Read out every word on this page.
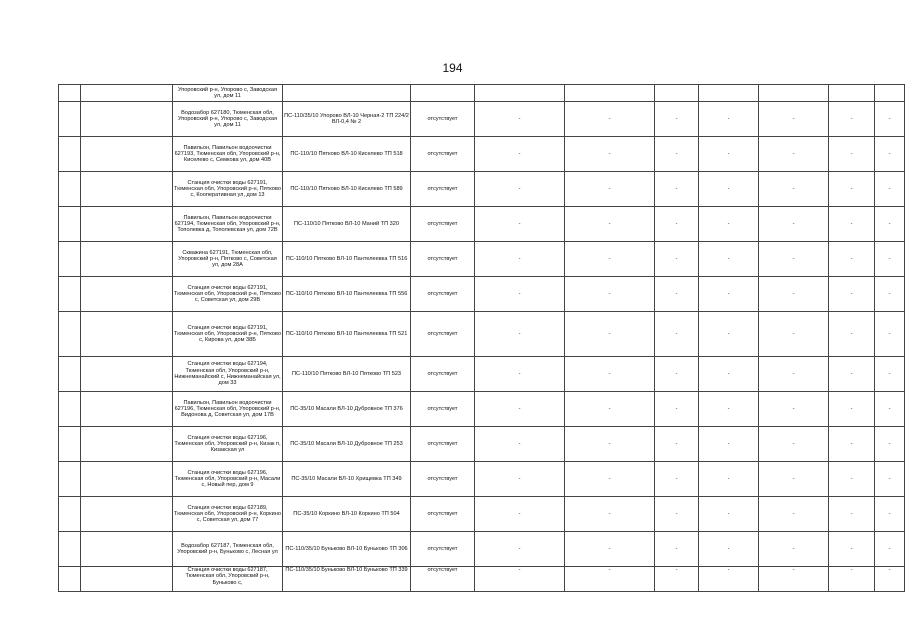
194
		Упоровский р-н, Упорово с, Заводская ул, дом 11									
		Водозабор 627180, Тюменская обл, Упоровский р-н, Упорово с, Заводская ул, дом 11	ПС-110/35/10 Упорово ВЛ-10 Черная-2 ТП 224/2 ВЛ-0,4 № 2	отсутствует	-	-	-	-	-	-	-
		Павильон, Павильон водоочистки 627193, Тюменская обл, Упоровский р-н, Киселево с, Семкова ул, дом 40В	ПС-110/10 Пятково ВЛ-10 Киселево ТП 518	отсутствует	-	-	-	-	-	-	-
		Станция очистки воды 627191, Тюменская обл, Упоровский р-н, Пятково с, Кооперативная ул, дом 13	ПС-110/10 Пятково ВЛ-10 Киселево ТП 589	отсутствует	-	-	-	-	-	-	-
		Павильон, Павильон водоочистки 627194, Тюменская обл, Упоровский р-н, Тополевка д, Тополевская ул, дом 72В	ПС-110/10 Пятково ВЛ-10 Маний ТП 320	отсутствует	-	-	-	-	-	-	-
		Скважина 627191, Тюменская обл, Упоровский р-н, Пятково с, Советская ул, дом 28А	ПС-110/10 Пятково ВЛ-10 Пантелеевка ТП 516	отсутствует	-	-	-	-	-	-	-
		Станция очистки воды 627191, Тюменская обл, Упоровский р-н, Пятково с, Советская ул, дом 29В	ПС-110/10 Пятково ВЛ-10 Пантелеевка ТП 556	отсутствует	-	-	-	-	-	-	-
		Станция очистки воды 627191, Тюменская обл, Упоровский р-н, Пятково с, Кирова ул, дом 38Б	ПС-110/10 Пятково ВЛ-10 Пантелеевка ТП 521	отсутствует	-	-	-	-	-	-	-
		Станция очистки воды 627194, Тюменская обл, Упоровский р-н, Нижнеманайский с, Нижнеманайская ул, дом 33	ПС-110/10 Пятково ВЛ-10 Пятково ТП 523	отсутствует	-	-	-	-	-	-	-
		Павильон, Павильон водоочистки 627196, Тюменская обл, Упоровский р-н, Видонова д, Советская ул, дом 17В	ПС-35/10 Масали ВЛ-10 Дубровное ТП 376	отсутствует	-	-	-	-	-	-	-
		Станция очистки воды 627196, Тюменская обл, Упоровский р-н, Кизак п, Кизакская ул	ПС-35/10 Масали ВЛ-10 Дубровное ТП 253	отсутствует	-	-	-	-	-	-	-
		Станция очистки воды 627196, Тюменская обл, Упоровский р-н, Масали с, Новый пер, дом 9	ПС-35/10 Масали ВЛ-10 Хрищевка ТП 349	отсутствует	-	-	-	-	-	-	-
		Станция очистки воды 627189, Тюменская обл, Упоровский р-н, Коркино с, Советская ул, дом 77	ПС-35/10 Коркино ВЛ-10 Коркино ТП 504	отсутствует	-	-	-	-	-	-	-
		Водозабор 627187, Тюменская обл, Упоровский р-н, Буньково с, Лесная ул	ПС-110/35/10 Буньково ВЛ-10 Буньково ТП 306	отсутствует	-	-	-	-	-	-	-
		Станция очистки воды 627187, Тюменская обл, Упоровский р-н, Буньково с,	ПС-110/35/10 Буньково ВЛ-10 Буньково ТП 339	отсутствует	-	-	-	-	-	-	-
